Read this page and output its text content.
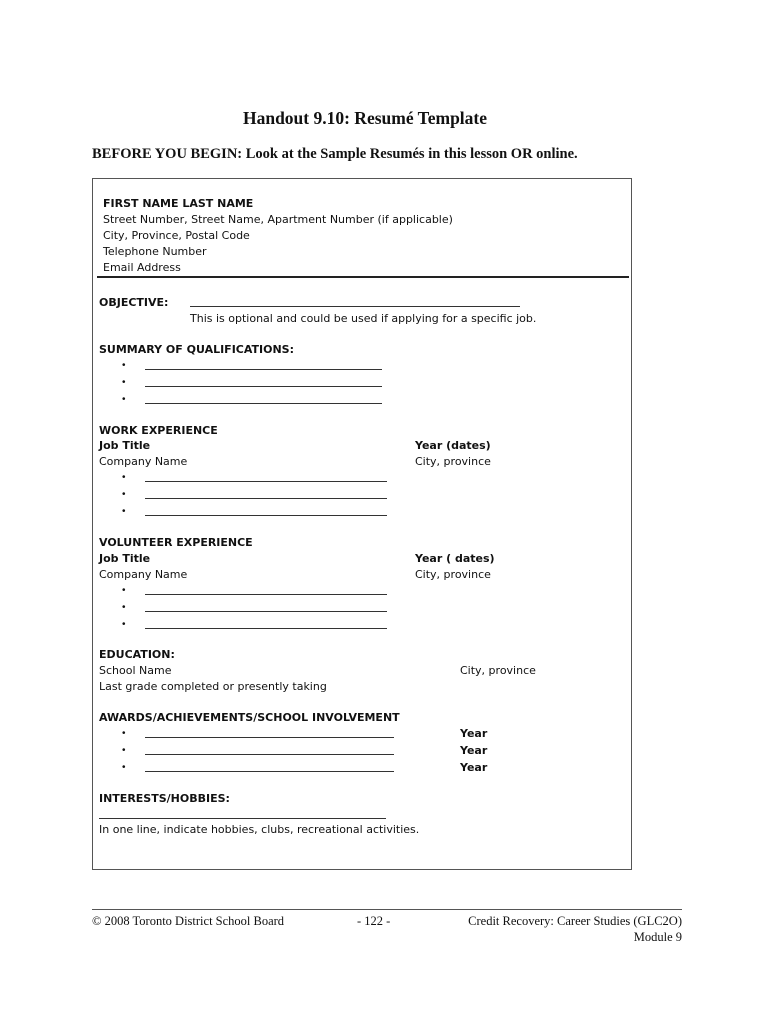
Handout 9.10: Resumé Template

BEFORE YOU BEGIN: Look at the Sample Resumés in this lesson OR online.

FIRST NAME LAST NAME
Street Number, Street Name, Apartment Number (if applicable)
City, Province, Postal Code
Telephone Number
Email Address
OBJECTIVE:
This is optional and could be used if applying for a specific job.
SUMMARY OF QUALIFICATIONS:
•
•
•
WORK EXPERIENCE
Job Title	Year (dates)
Company Name	City, province
•
•
•
VOLUNTEER EXPERIENCE
Job Title	Year ( dates)
Company Name	City, province
•
•
•
EDUCATION:
School Name	City, province
Last grade completed or presently taking
AWARDS/ACHIEVEMENTS/SCHOOL INVOLVEMENT
•	Year
•	Year
•	Year
INTERESTS/HOBBIES:
In one line, indicate hobbies, clubs, recreational activities.
© 2008 Toronto District School Board	- 122 -	Credit Recovery: Career Studies (GLC2O)
Module 9
